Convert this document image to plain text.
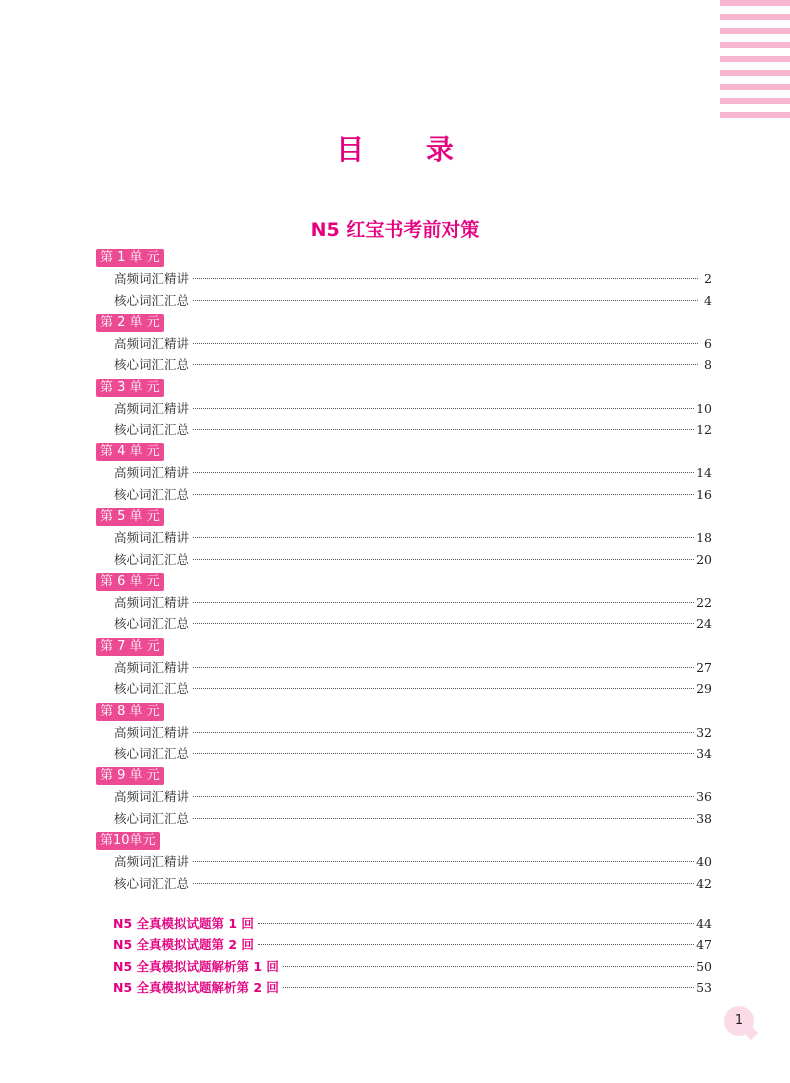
目 录
N5 红宝书考前对策
第 1 单 元
高频词汇精讲	2
核心词汇汇总	4
第 2 单 元
高频词汇精讲	6
核心词汇汇总	8
第 3 单 元
高频词汇精讲	10
核心词汇汇总	12
第 4 单 元
高频词汇精讲	14
核心词汇汇总	16
第 5 单 元
高频词汇精讲	18
核心词汇汇总	20
第 6 单 元
高频词汇精讲	22
核心词汇汇总	24
第 7 单 元
高频词汇精讲	27
核心词汇汇总	29
第 8 单 元
高频词汇精讲	32
核心词汇汇总	34
第 9 单 元
高频词汇精讲	36
核心词汇汇总	38
第10单元
高频词汇精讲	40
核心词汇汇总	42
N5 全真模拟试题第 1 回	44
N5 全真模拟试题第 2 回	47
N5 全真模拟试题解析第 1 回	50
N5 全真模拟试题解析第 2 回	53
1
